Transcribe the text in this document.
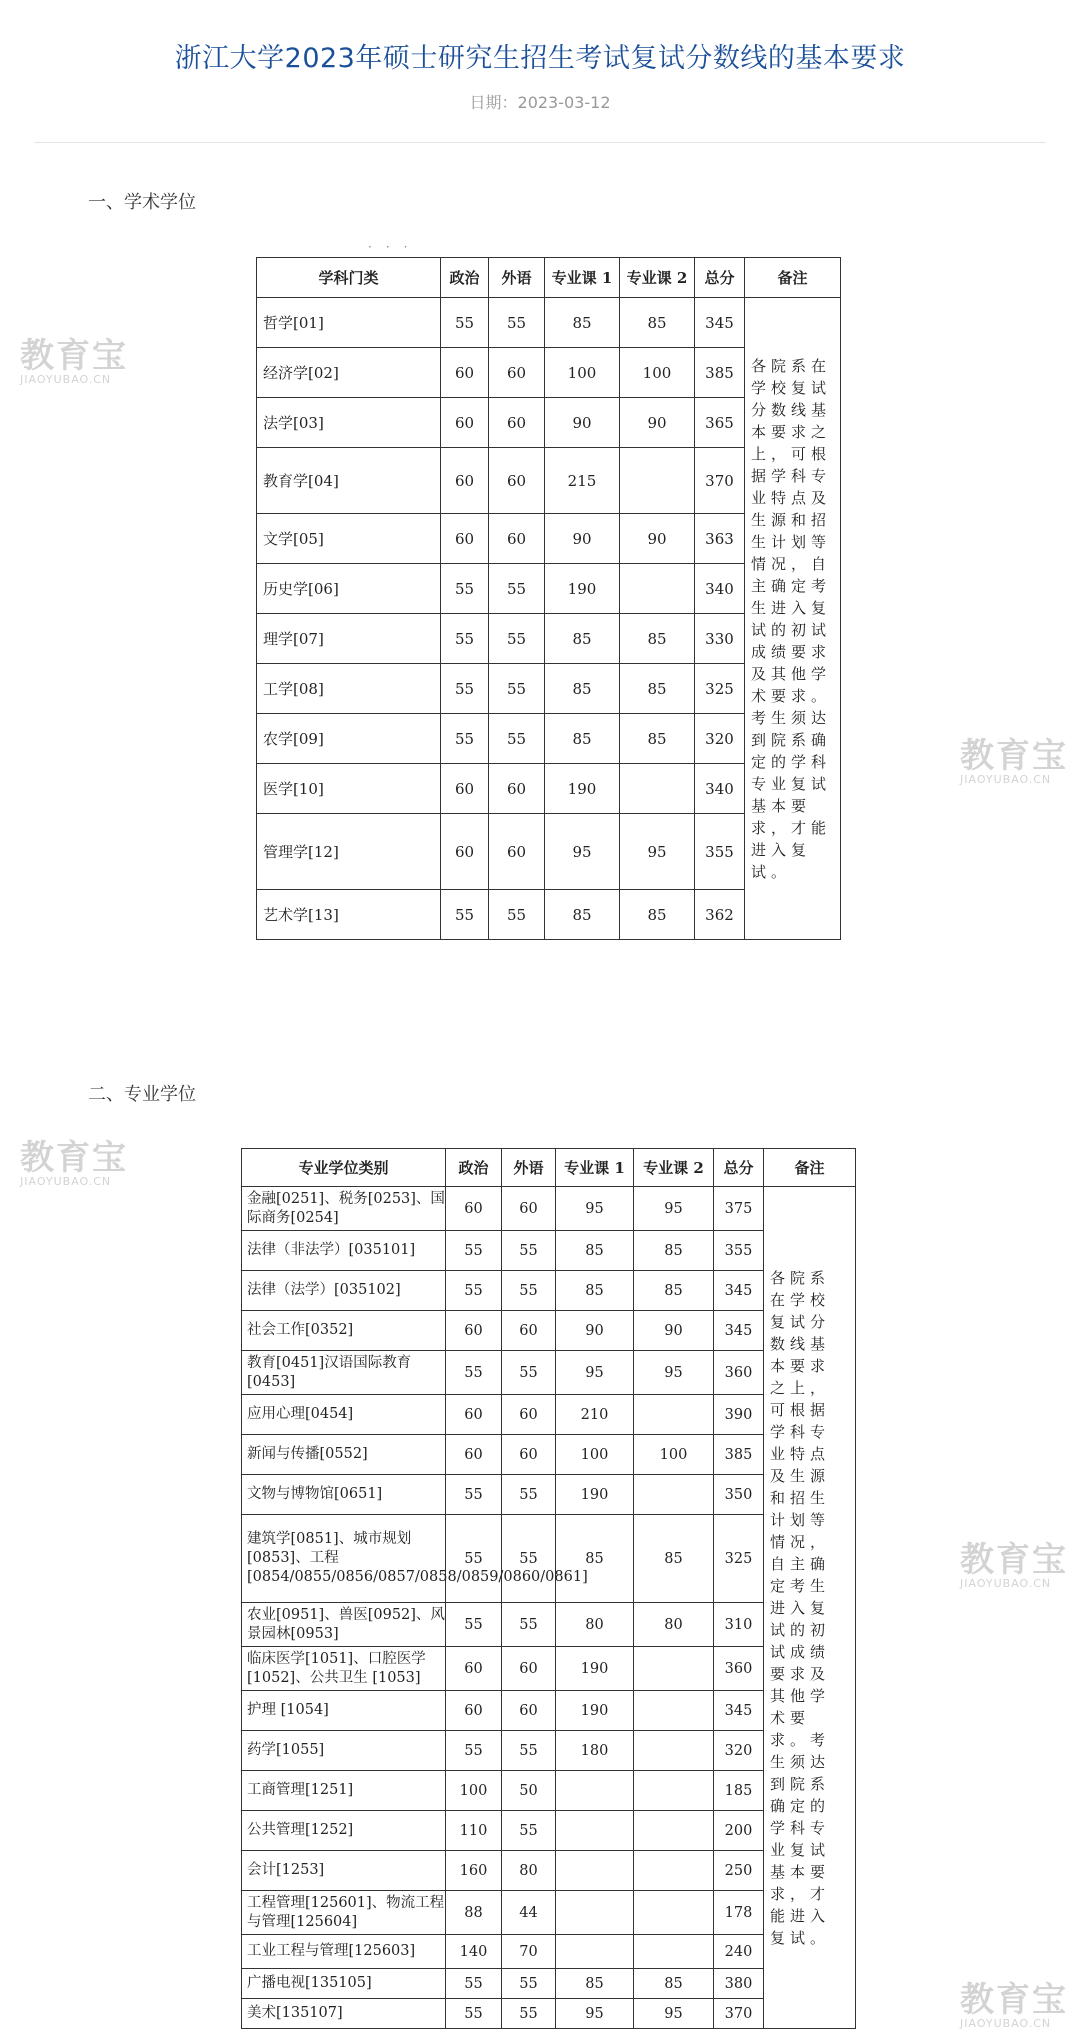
浙江大学2023年硕士研究生招生考试复试分数线的基本要求
日期：2023-03-12
一、学术学位
···
学科门类	政治	外语	专业课 1	专业课 2	总分	备注
哲学[01]	55	55	85	85	345	各院系在学校复试分数线基本要求之上，可根据学科专业特点及生源和招生计划等情况，自主确定考生进入复试的初试成绩要求及其他学术要求。考生须达到院系确定的学科专业复试基本要求，才能进入复试。
经济学[02]	60	60	100	100	385	
法学[03]	60	60	90	90	365	
教育学[04]	60	60	215		370	
文学[05]	60	60	90	90	363	
历史学[06]	55	55	190		340	
理学[07]	55	55	85	85	330	
工学[08]	55	55	85	85	325	
农学[09]	55	55	85	85	320	
医学[10]	60	60	190		340	
管理学[12]	60	60	95	95	355	
艺术学[13]	55	55	85	85	362	
二、专业学位
专业学位类别	政治	外语	专业课 1	专业课 2	总分	备注
金融[0251]、税务[0253]、国际商务[0254]	60	60	95	95	375	各院系在学校复试分数线基本要求之上，可根据学科专业特点及生源和招生计划等情况，自主确定考生进入复试的初试成绩要求及其他学术要求。考生须达到院系确定的学科专业复试基本要求，才能进入复试。
法律（非法学）[035101]	55	55	85	85	355	
法律（法学）[035102]	55	55	85	85	345	
社会工作[0352]	60	60	90	90	345	
教育[0451]汉语国际教育[0453]	55	55	95	95	360	
应用心理[0454]	60	60	210		390	
新闻与传播[0552]	60	60	100	100	385	
文物与博物馆[0651]	55	55	190		350	
建筑学[0851]、城市规划[0853]、工程[0854/0855/0856/0857/0858/0859/0860/0861]	55	55	85	85	325	
农业[0951]、兽医[0952]、风景园林[0953]	55	55	80	80	310	
临床医学[1051]、口腔医学[1052]、公共卫生 [1053]	60	60	190		360	
护理 [1054]	60	60	190		345	
药学[1055]	55	55	180		320	
工商管理[1251]	100	50			185	
公共管理[1252]	110	55			200	
会计[1253]	160	80			250	
工程管理[125601]、物流工程与管理[125604]	88	44			178	
工业工程与管理[125603]	140	70			240	
广播电视[135105]	55	55	85	85	380	
美术[135107]	55	55	95	95	370	
教育宝
JIAOYUBAO.CN
教育宝
JIAOYUBAO.CN
教育宝
JIAOYUBAO.CN
教育宝
JIAOYUBAO.CN
教育宝
JIAOYUBAO.CN
